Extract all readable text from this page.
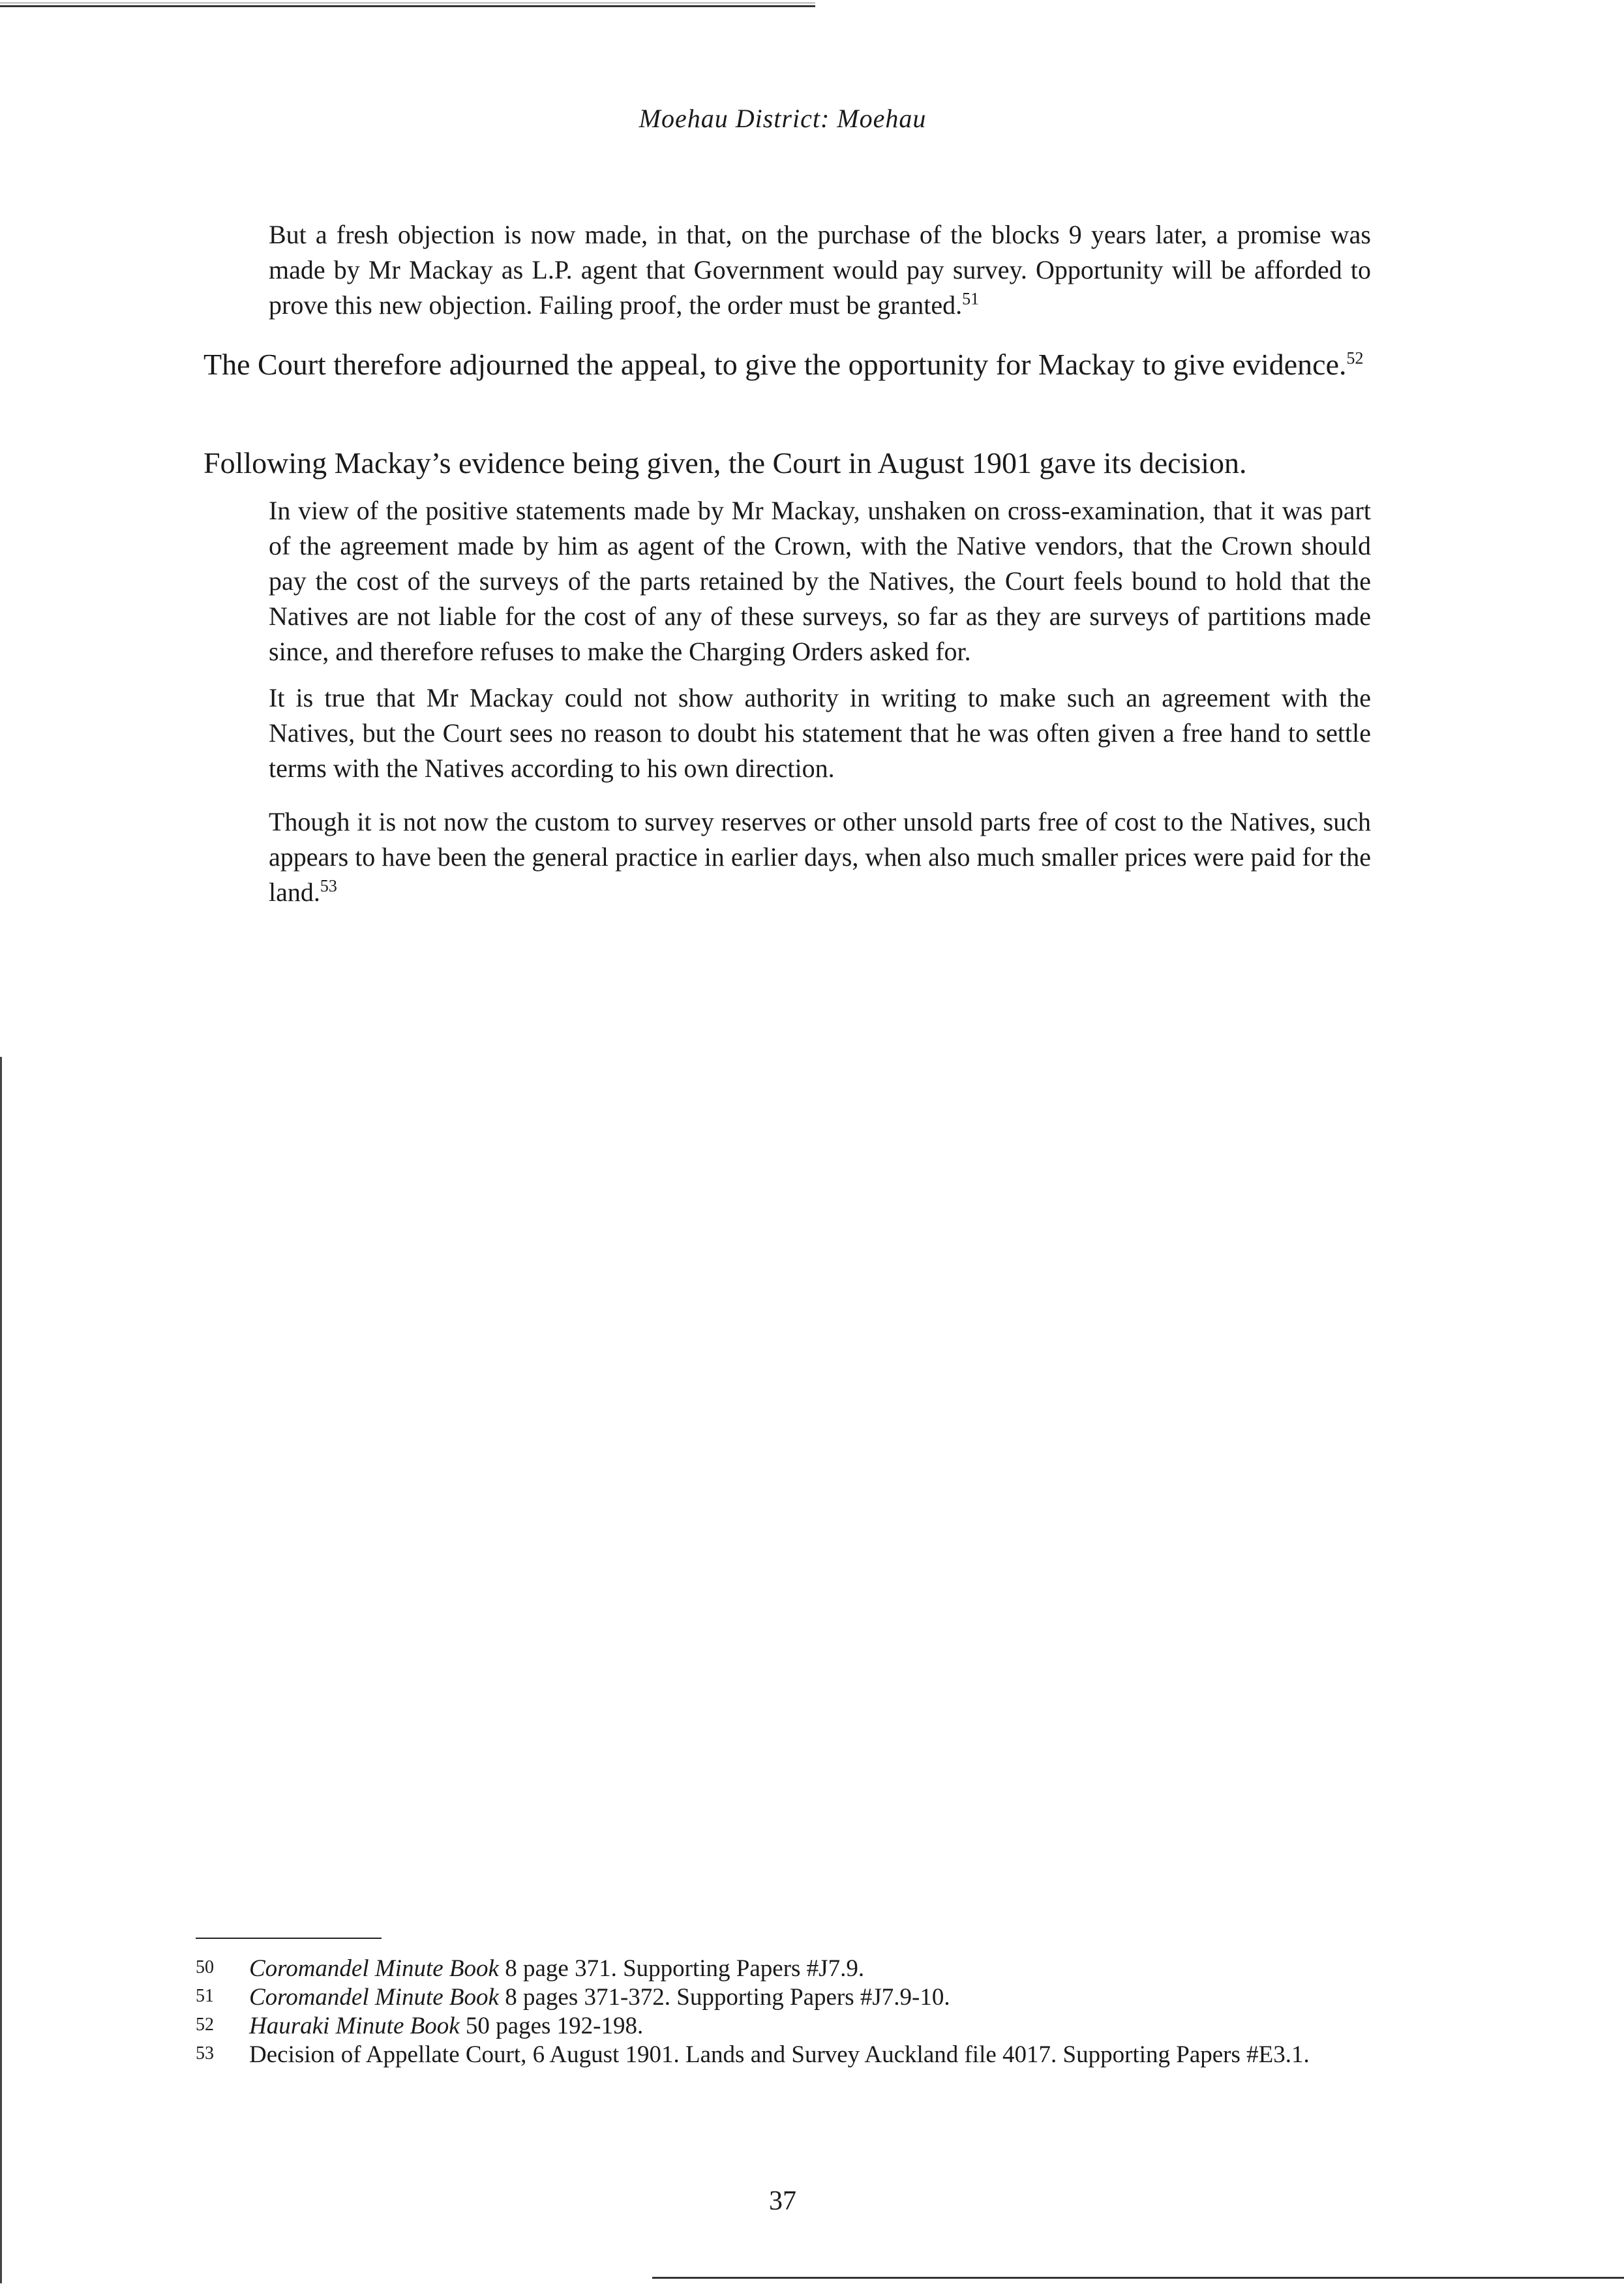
Moehau District: Moehau
But a fresh objection is now made, in that, on the purchase of the blocks 9 years later, a promise was made by Mr Mackay as L.P. agent that Government would pay survey. Opportunity will be afforded to prove this new objection. Failing proof, the order must be granted.$^{51}$
The Court therefore adjourned the appeal, to give the opportunity for Mackay to give evidence.$^{52}$
Following Mackay’s evidence being given, the Court in August 1901 gave its decision.
In view of the positive statements made by Mr Mackay, unshaken on cross-examination, that it was part of the agreement made by him as agent of the Crown, with the Native vendors, that the Crown should pay the cost of the surveys of the parts retained by the Natives, the Court feels bound to hold that the Natives are not liable for the cost of any of these surveys, so far as they are surveys of partitions made since, and therefore refuses to make the Charging Orders asked for.
It is true that Mr Mackay could not show authority in writing to make such an agreement with the Natives, but the Court sees no reason to doubt his statement that he was often given a free hand to settle terms with the Natives according to his own direction.
Though it is not now the custom to survey reserves or other unsold parts free of cost to the Natives, such appears to have been the general practice in earlier days, when also much smaller prices were paid for the land.$^{53}$
50	Coromandel Minute Book 8 page 371. Supporting Papers #J7.9.
51	Coromandel Minute Book 8 pages 371-372. Supporting Papers #J7.9-10.
52	Hauraki Minute Book 50 pages 192-198.
53	Decision of Appellate Court, 6 August 1901. Lands and Survey Auckland file 4017. Supporting Papers #E3.1.
37
